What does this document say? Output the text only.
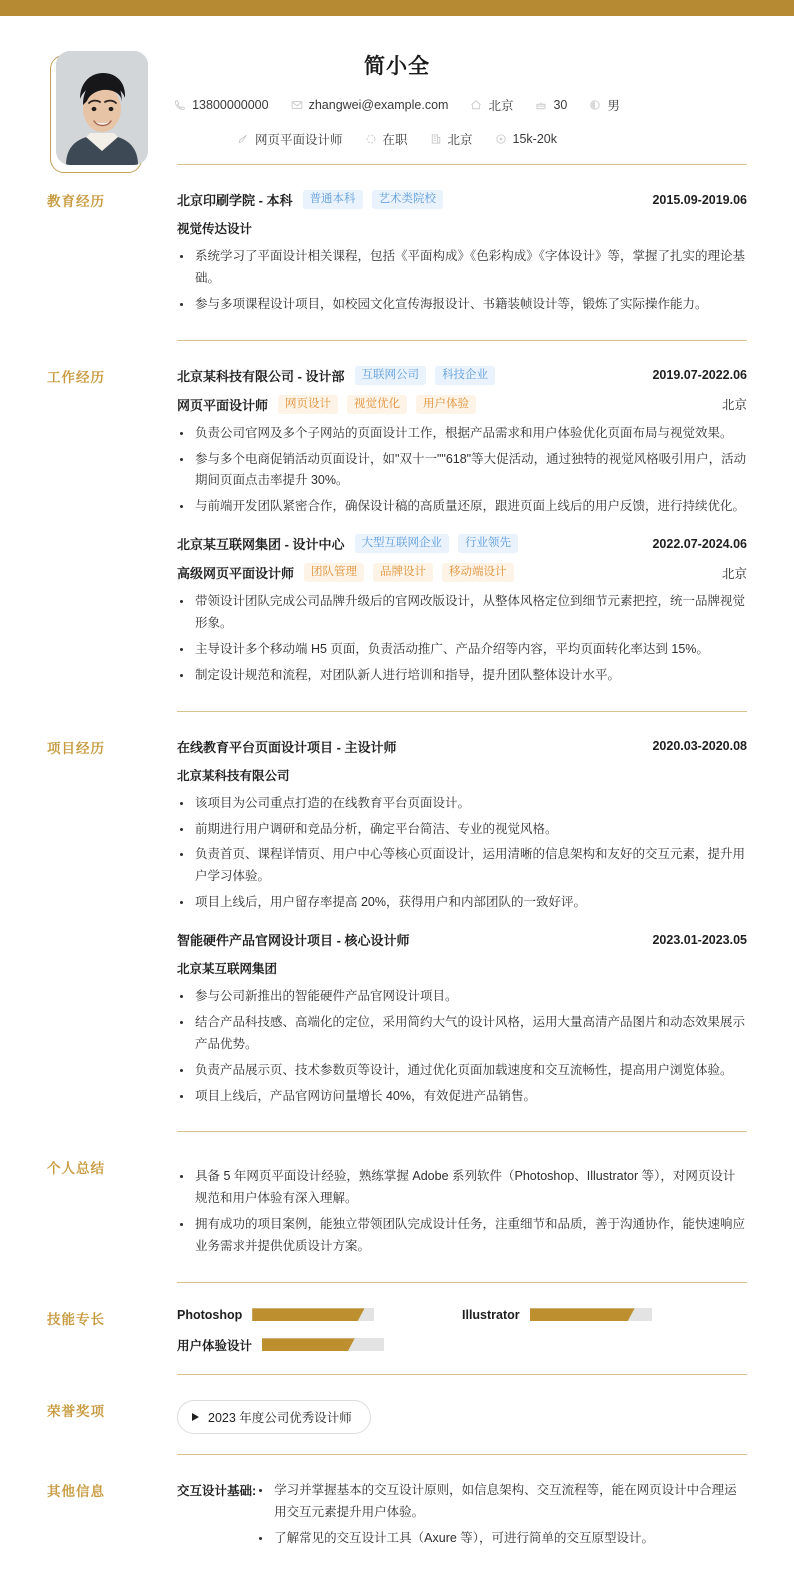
简小全
13800000000	zhangwei@example.com	北京	30	男
网页平面设计师	在职	北京	15k-20k
教育经历	北京印刷学院 - 本科	普通本科	艺术类院校	2015.09-2019.06
视觉传达设计
系统学习了平面设计相关课程，包括《平面构成》《色彩构成》《字体设计》等，掌握了扎实的理论基础。
参与多项课程设计项目，如校园文化宣传海报设计、书籍装帧设计等，锻炼了实际操作能力。
工作经历	北京某科技有限公司 - 设计部	互联网公司	科技企业	2019.07-2022.06
网页平面设计师	网页设计	视觉优化	用户体验	北京
负责公司官网及多个子网站的页面设计工作，根据产品需求和用户体验优化页面布局与视觉效果。
参与多个电商促销活动页面设计，如"双十一""618"等大促活动，通过独特的视觉风格吸引用户，活动期间页面点击率提升 30%。
与前端开发团队紧密合作，确保设计稿的高质量还原，跟进页面上线后的用户反馈，进行持续优化。
北京某互联网集团 - 设计中心	大型互联网企业	行业领先	2022.07-2024.06
高级网页平面设计师	团队管理	品牌设计	移动端设计	北京
带领设计团队完成公司品牌升级后的官网改版设计，从整体风格定位到细节元素把控，统一品牌视觉形象。
主导设计多个移动端 H5 页面，负责活动推广、产品介绍等内容，平均页面转化率达到 15%。
制定设计规范和流程，对团队新人进行培训和指导，提升团队整体设计水平。
项目经历	在线教育平台页面设计项目 - 主设计师	2020.03-2020.08
北京某科技有限公司
该项目为公司重点打造的在线教育平台页面设计。
前期进行用户调研和竞品分析，确定平台简洁、专业的视觉风格。
负责首页、课程详情页、用户中心等核心页面设计，运用清晰的信息架构和友好的交互元素，提升用户学习体验。
项目上线后，用户留存率提高 20%，获得用户和内部团队的一致好评。
智能硬件产品官网设计项目 - 核心设计师	2023.01-2023.05
北京某互联网集团
参与公司新推出的智能硬件产品官网设计项目。
结合产品科技感、高端化的定位，采用简约大气的设计风格，运用大量高清产品图片和动态效果展示产品优势。
负责产品展示页、技术参数页等设计，通过优化页面加载速度和交互流畅性，提高用户浏览体验。
项目上线后，产品官网访问量增长 40%，有效促进产品销售。
个人总结	具备 5 年网页平面设计经验，熟练掌握 Adobe 系列软件（Photoshop、Illustrator 等），对网页设计规范和用户体验有深入理解。
拥有成功的项目案例，能独立带领团队完成设计任务，注重细节和品质，善于沟通协作，能快速响应业务需求并提供优质设计方案。
技能专长	Photoshop	Illustrator
用户体验设计
荣誉奖项	2023 年度公司优秀设计师
其他信息	交互设计基础:	学习并掌握基本的交互设计原则，如信息架构、交互流程等，能在网页设计中合理运用交互元素提升用户体验。
了解常见的交互设计工具（Axure 等），可进行简单的交互原型设计。
